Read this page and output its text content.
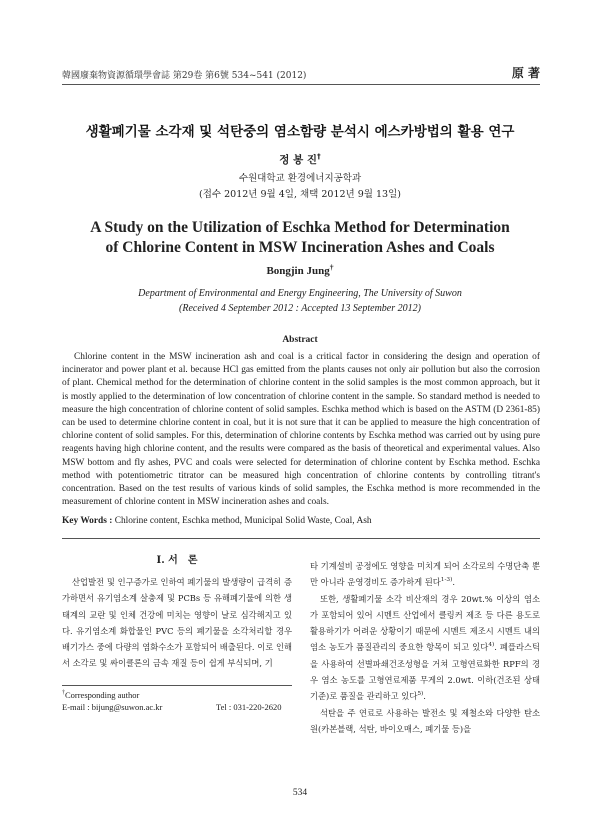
韓國廢棄物資源循環學會誌 第29卷 第6號 534~541 (2012)	原 著
생활폐기물 소각재 및 석탄중의 염소함량 분석시 에스카방법의 활용 연구
정 봉 진†
수원대학교 환경에너지공학과
(접수 2012년 9월 4일, 채택 2012년 9월 13일)
A Study on the Utilization of Eschka Method for Determination
of Chlorine Content in MSW Incineration Ashes and Coals
Bongjin Jung†
Department of Environmental and Energy Engineering, The University of Suwon
(Received 4 September 2012 : Accepted 13 September 2012)
Abstract
Chlorine content in the MSW incineration ash and coal is a critical factor in considering the design and operation of incinerator and power plant et al. because HCl gas emitted from the plants causes not only air pollution but also the corrosion of plant. Chemical method for the determination of chlorine content in the solid samples is the most common approach, but it is mostly applied to the determination of low concentration of chlorine content in the sample. So standard method is needed to measure the high concentration of chlorine content of solid samples. Eschka method which is based on the ASTM (D 2361-85) can be used to determine chlorine content in coal, but it is not sure that it can be applied to measure the high concentration of chlorine content of solid samples. For this, determination of chlorine contents by Eschka method was carried out by using pure reagents having high chlorine content, and the results were compared as the basis of theoretical and experimental values. Also MSW bottom and fly ashes, PVC and coals were selected for determination of chlorine content by Eschka method. Eschka method with potentiometric titrator can be measured high concentration of chlorine contents by controlling titrant's concentration. Based on the test results of various kinds of solid samples, the Eschka method is more recommended in the measurement of chlorine content in MSW incineration ashes and coals.
Key Words : Chlorine content, Eschka method, Municipal Solid Waste, Coal, Ash
I. 서　론
산업발전 및 인구증가로 인하여 폐기물의 발생량이 급격히 증가하면서 유기염소계 살충제 및 PCBs 등 유해폐기물에 의한 생태계의 교란 및 인체 건강에 미치는 영향이 날로 심각해지고 있다. 유기염소계 화합물인 PVC 등의 폐기물을 소각처리할 경우 배기가스 중에 다량의 염화수소가 포함되어 배출된다. 이로 인해서 소각로 및 싸이클론의 금속 재질 등이 쉽게 부식되며, 기
타 기계설비 공정에도 영향을 미치게 되어 소각로의 수명단축 뿐만 아니라 운영경비도 증가하게 된다$^{1-3)}$.
또한, 생활폐기물 소각 비산재의 경우 20wt.% 이상의 염소가 포함되어 있어 시멘트 산업에서 클링커 제조 등 다른 용도로 활용하기가 어려운 상황이기 때문에 시멘트 제조시 시멘트 내의 염소 농도가 품질관리의 중요한 항목이 되고 있다$^{4)}$. 폐플라스틱을 사용하여 선별파쇄건조성형을 거쳐 고형연료화한 RPF의 경우 염소 농도를 고형연료제품 무게의 2.0wt. 이하(건조된 상태 기준)로 품질을 관리하고 있다$^{5)}$.
석탄을 주 연료로 사용하는 발전소 및 제철소와 다양한 탄소원(카본블랙, 석탄, 바이오매스, 폐기물 등)을
†Corresponding author
E-mail : bijung@suwon.ac.kr	Tel : 031-220-2620
534
